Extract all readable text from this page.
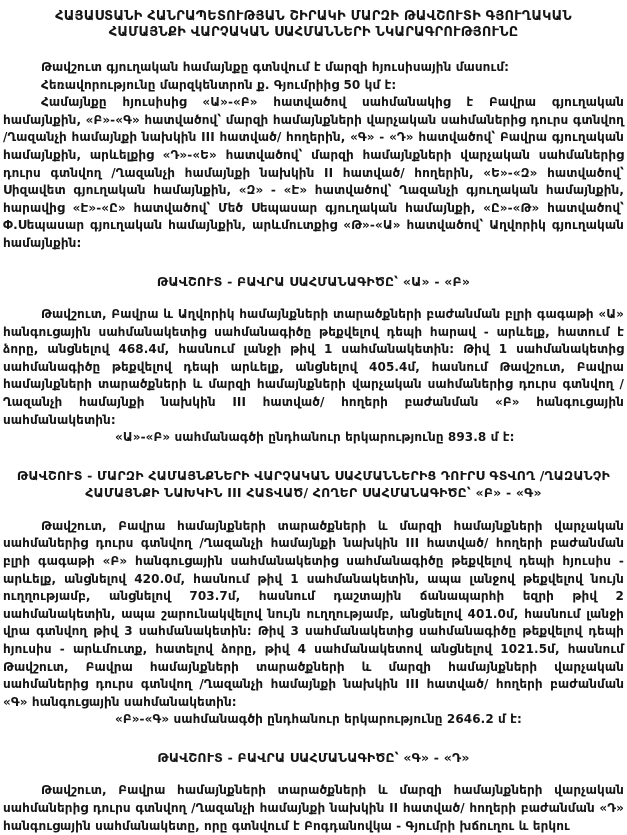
ՀԱՅԱՍՏԱՆԻ ՀԱՆՐԱՊԵՏՈՒԹՅԱՆ ՇԻՐԱԿԻ ՄԱՐԶԻ ԹԱՎՇՈՒՏԻ ԳՅՈՒՂԱԿԱՆ ՀԱՄԱՅՆՔԻ ՎԱՐՉԱԿԱՆ ՍԱՀՄԱՆՆԵՐԻ ՆԿԱՐԱԳՐՈՒԹՅՈՒՆԸ

Թավշուտ գյուղական համայնքը գտնվում է մարզի հյուսիսային մասում:

Հեռավորությունը մարզկենտրոն ք. Գյումրիից 50 կմ է:

Համայնքը հյուսիսից «Ա»-«Բ» հատվածով սահմանակից է Բավրա գյուղական համայնքին, «Բ»-«Գ» հատվածով՝ մարզի համայնքների վարչական սահմաներից դուրս գտնվող /Ղազանչի համայնքի նախկին III հատված/ հողերին, «Գ» - «Դ» հատվածով՝ Բավրա գյուղական համայնքին, արևելքից «Դ»-«Ե» հատվածով՝ մարզի համայնքների վարչական սահմաներից դուրս գտնվող /Ղազանչի համայնքի նախկին II հատված/ հողերին, «Ե»-«Զ» հատվածով՝ Սիզավետ գյուղական համայնքին, «Զ» - «Է» հատվածով՝ Ղազանչի գյուղական համայնքին, հարավից «Է»-«Ը» հատվածով՝ Մեծ Սեպասար գյուղական համայնքի, «Ը»-«Թ» հատվածով՝ Փ.Սեպասար գյուղական համայնքին, արևմուտքից «Թ»-«Ա» հատվածով՝ Աղվորիկ գյուղական համայնքին:

ԹԱՎՇՈՒՏ - ԲԱՎՐԱ ՍԱՀՄԱՆԱԳԻԾԸ՝ «Ա» - «Բ»

Թավշուտ, Բավրա և Աղվորիկ համայնքների տարածքների բաժանման բլրի գագաթի «Ա» հանգուցային սահմանակետից սահմանագիծը թեքվելով դեպի հարավ - արևելք, հատում է ձորը, անցնելով 468.4մ, հասնում լանջի թիվ 1 սահմանակետին: Թիվ 1 սահմանակետից սահմանագիծը թեքվելով դեպի արևելք, անցնելով 405.4մ, հասնում Թավշուտ, Բավրա համայնքների տարածքների և մարզի համայնքների վարչական սահմաներից դուրս գտնվող /Ղազանչի համայնքի նախկին III հատված/ հողերի բաժանման «Բ» հանգուցային սահմանակետին:

«Ա»-«Բ» սահմանագծի ընդհանուր երկարությունը 893.8 մ է:

ԹԱՎՇՈՒՏ - ՄԱՐԶԻ ՀԱՄԱՅՆՔՆԵՐԻ ՎԱՐՉԱԿԱՆ ՍԱՀՄԱՆՆԵՐԻՑ ԴՈՒՐՍ ԳՏՎՈՂ /ՂԱԶԱՆՉԻ ՀԱՄԱՅՆՔԻ ՆԱԽԿԻՆ III ՀԱՏՎԱԾ/ ՀՈՂԵՐ ՍԱՀՄԱՆԱԳԻԾԸ՝ «Բ» - «Գ»

Թավշուտ, Բավրա համայնքների տարածքների և մարզի համայնքների վարչական սահմաներից դուրս գտնվող /Ղազանչի համայնքի նախկին III հատված/ հողերի բաժանման բլրի գագաթի «Բ» հանգուցային սահմանակետից սահմանագիծը թեքվելով դեպի հյուսիս - արևելք, անցնելով 420.0մ, հասնում թիվ 1 սահմանակետին, ապա լանջով թեքվելով նույն ուղղությամբ, անցնելով 703.7մ, հասնում դաշտային ճանապարհի եզրի թիվ 2 սահմանակետին, ապա շարունակվելով նույն ուղղությամբ, անցնելով 401.0մ, հասնում լանջի վրա գտնվող թիվ 3 սահմանակետին: Թիվ 3 սահմանակետից սահմանագիծը թեքվելով դեպի հյուսիս - արևմուտք, հատելով ձորը, թիվ 4 սահմանակետով անցնելով 1021.5մ, հասնում Թավշուտ, Բավրա համայնքների տարածքների և մարզի համայնքների վարչական սահմաներից դուրս գտնվող /Ղազանչի համայնքի նախկին III հատված/ հողերի բաժանման «Գ» հանգուցային սահմանակետին:

«Բ»-«Գ» սահմանագծի ընդհանուր երկարությունը 2646.2 մ է:

ԹԱՎՇՈՒՏ - ԲԱՎՐԱ ՍԱՀՄԱՆԱԳԻԾԸ՝ «Գ» - «Դ»

Թավշուտ, Բավրա համայնքների տարածքների և մարզի համայնքների վարչական սահմաներից դուրս գտնվող /Ղազանչի համայնքի նախկին II հատված/ հողերի բաժանման «Դ» հանգուցային սահմանակետը, որը գտնվում է Բոգդանովկա - Գյումրի խճուղու և երկու
